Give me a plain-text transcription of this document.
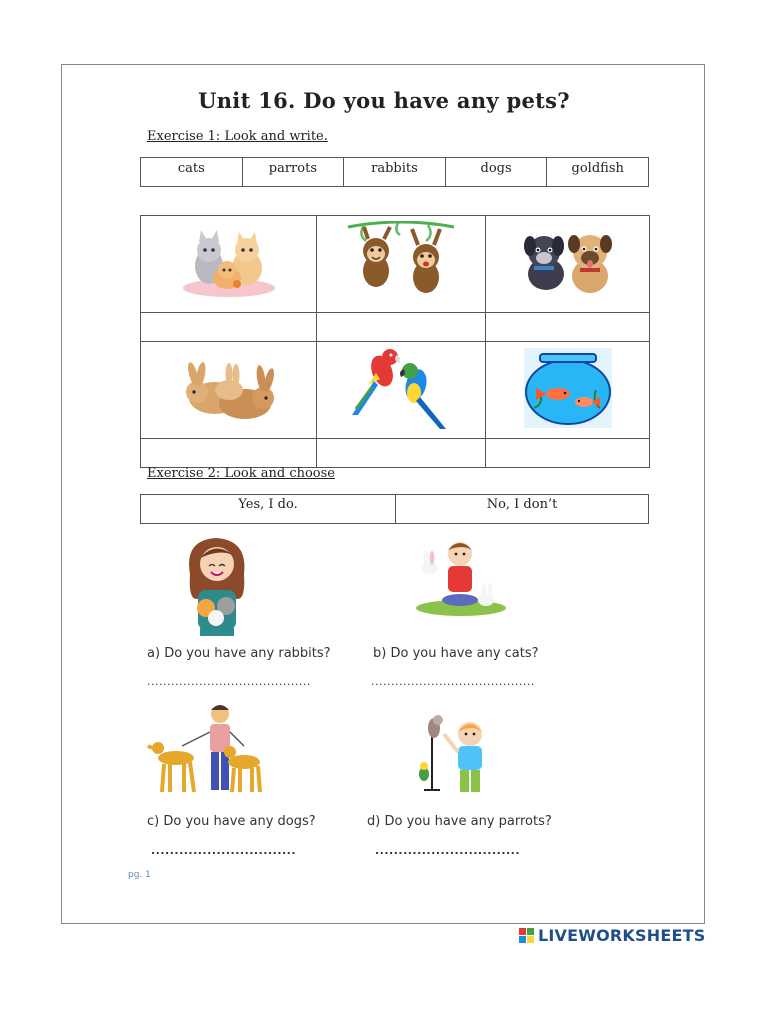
Unit 16. Do you have any pets?
Exercise 1: Look and write.
cats	parrots	rabbits	dogs	goldfish

Exercise 2: Look and choose
Yes, I do.	No, I don’t
a) Do you have any rabbits?	b) Do you have any cats?
.........................................	.........................................
c) Do you have any dogs?	d) Do you have any parrots?
...............................	...............................
pg. 1
LIVEWORKSHEETS
